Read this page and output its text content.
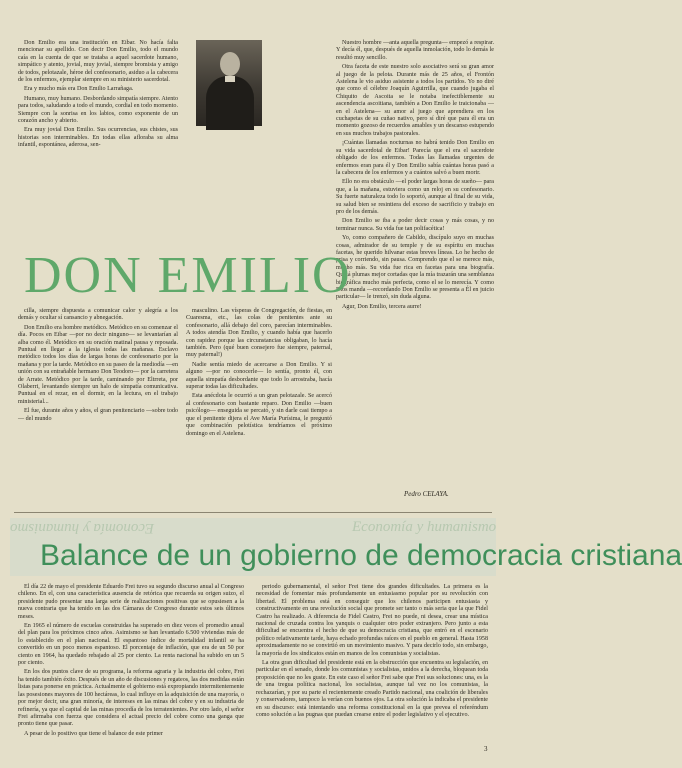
Don Emilio era una institución en Eibar. No hacía falta mencionar su apellido. Con decir Don Emilio, todo el mundo caía en la cuenta de que se trataba a aquel sacerdote humano, simpático y atento, jovial, muy jovial, siempre bromista y amigo de todos, pelotazale, héroe del confesonario, asiduo a la cabecera de los enfermos, ejemplar siempre en su ministerio sacerdotal.

Era y mucho más era Don Emilio Larrañaga.

Humano, muy humano. Desbordando simpatía siempre. Atento para todos, saludando a todo el mundo, cordial en todo momento. Siempre con la sonrisa en los labios, como exponente de un corazón ancho y abierto.

Era muy jovial Don Emilio. Sus ocurrencias, sus chistes, sus historias son interminables. En todas ellas afloraba su alma infantil, espontánea, aderosa, sen-

Nuestro hombre —anta aquella pregunta— empezó a respirar. Y decía él, que, después de aquella inmolación, todo lo demás le resultó muy sencillo.

Otra faceta de este nuestro solo asociativo será su gran amor al juego de la pelota. Durante más de 25 años, el Frontón Astelena le vio asiduo asistente a todos los partidos. Yo no diré que como el célebre Joaquín Aguirrilla, que cuando jugaba el Chiquito de Ascoita se le notaba inefectiblemente su ascendencia ascoitiana, también a Don Emilio le traicionaba —en el Astelena— su amor al juego que aprendiera en los cuchapetas de su cuñao nativo, pero sí diré que para él era un momento gozoso de recuerdos amables y un descanso estupendo en sus muchos trabajos pastorales.

¡Cuántas llamadas nocturnas no habrá tenido Don Emilio en su vida sacerdotal de Eibar! Parecía que el era el sacerdote obligado de los enfermos. Todas las llamadas urgentes de enfermos eran para él y Don Emilio sabía cuántas horas pasó a la cabecera de los enfermos y a cuántos salvó a buen morir.

Ello no era obstáculo —el poder largas horas de sueño— para que, a la mañana, estuviera como un reloj en su confesonario. Su fuerte naturaleza todo lo soportó, aunque al final de su vida, su salud bien se resintiera del exceso de sacrificio y trabajo en pro de los demás.

Don Emilio se iba a poder decir cosas y más cosas, y no terminar nunca. Su vida fue tan polifacética!

Yo, como compañero de Cabildo, discípulo suyo en muchas cosas, admirador de su temple y de su espíritu en muchas facetas, he querido hilvanar estas breves líneas. Lo he hecho de prisa y corriendo, sin pausa. Comprendo que el se merece más, mucho más. Su vida fue rica en facetas para una biografía. Quizá plumas mejor cortadas que la mía trazarán una semblanza biográfica mucho más perfecta, como el se lo merecía. Y como Dios manda —recordando Don Emilio se presenta a Él en juicio particular— le trenzó, sin duda alguna.

Agur, Don Emilio, tercera aurre!

DON EMILIO

cilla, siempre dispuesta a comunicar calor y alegría a los demás y ocultar sí cansancio y abnegación.

Don Emilio era hombre metódico. Metódico en su comenzar el día. Pocos en Eibar —por no decir ninguno— se levantarían al alba como él. Metódico en su oración matinal pausa y reposada. Puntual en llegar a la iglesia todas las mañanas. Esclavo metódico todos los días de largas horas de confesonario por la mañana y por la tarde. Metódico en su paseo de la mediodía —en unión con su entrañable hermano Don Teodoro— por la carretera de Arrate. Metódico por la tarde, caminando por Eltrreta, por Olaberri, levantando siempre un halo de simpatía comunicativa. Puntual en el rezar, en el dormir, en la lectura, en el trabajo ministerial...

El fue, durante años y años, el gran penitenciario —sobre todo— del mundo

masculino. Las vísperas de Congregación, de fiestas, en Cuaresma, etc., las colas de penitentes ante su confesonario, allá debajo del coro, parecían interminables. A todos atendía Don Emilio, y cuando había que hacerlo con rapidez porque las circunstancias obligaban, lo hacía también. Pero (qué buen consejero fue siempre, paternal, muy paternal!)

Nadie sentía miedo de acercarse a Don Emilio. Y si alguno —por no conocerle— lo sentía, pronto él, con aquella simpatía desbordante que todo lo arrostraba, hacía superar todas las dificultades.

Esta anécdota le ocurrió a un gran pelotazale. Se acercó al confesonario con bastante reparo. Don Emilio —buen psicólogo— enseguida se percató, y sin darle casi tiempo a que el penitente dijera el Ave María Purísima, le preguntó que combinación pelotística tendríamos el próximo domingo en el Astelena.

Pedro CELAYA.
Economía y humanismo	Economía y humanismo
Balance de un gobierno de democracia cristiana

El día 22 de mayo el presidente Eduardo Frei tuvo su segundo discurso anual al Congreso chileno. En el, con una característica ausencia de retórica que recuerda su origen suizo, el presidente pudo presentar una larga serie de realizaciones positivas que se opusiesen a la nueva contraria que ha tenido en las dos Cámaras de Congreso durante estos seis últimos meses.

En 1965 el número de escuelas construidas ha superado en diez veces el promedio anual del plan para los próximos cinco años. Asimismo se han levantado 6.500 viviendas más de lo establecido en el plan nacional. El espantoso índice de mortalidad infantil se ha convertido en un poco menos espantoso. El porcentaje de inflación, que era de un 50 por ciento en 1964, ha quedado rebajado al 25 por ciento. La renta nacional ha subido en un 5 por ciento.

En los dos puntos clave de su programa, la reforma agraria y la industria del cobre, Frei ha tenido también éxito. Después de un año de discusiones y regateos, las dos medidas están listas para ponerse en práctica. Actualmente el gobierno está expropiando intermitentemente las posesiones mayores de 100 hectáreas, lo cual influye en la adquisición de una mayoría, o por mejor decir, una gran minoría, de intereses en las minas del cobre y en su industria de refinería, ya que el capital de las minas procedía de los terratenientes. Por otro lado, el señor Frei afirmaba con fuerza que considera el actual precio del cobre como una ganga que pronto tiene que pasar.

A pesar de lo positivo que tiene el balance de este primer

periodo gubernamental, el señor Frei tiene dos grandes dificultades. La primera es la necesidad de fomentar más profundamente un entusiasmo popular por su revolución con libertad. El problema está en conseguir que los chilenos participen entusiasta y constructivamente en una revolución social que promete ser tanto o más seria que la que Fidel Castro ha realizado. A diferencia de Fidel Castro, Frei no puede, ni desea, crear una mística nacional de cruzada contra los yanquis o cualquier otro poder extranjero. Pero junto a esta dificultad se encuentra el hecho de que su democracia cristiana, que entró en el escenario político relativamente tarde, haya echado profundas raíces en el pueblo en general. Hasta 1958 aproximadamente no se convirtió en un movimiento masivo. Y para decirlo todo, sin embargo, la mayoría de los sindicatos están en manos de los comunistas y socialistas.

La otra gran dificultad del presidente está en la obstrucción que encuentra su legislación, en particular en el senado, donde los comunistas y socialistas, unidos a la derecha, bloquean toda proposición que no les guste. En este caso el señor Frei sabe que Frei sus soluciones: una, es la de una tregua política nacional, los socialistas, aunque tal vez no los comunistas, la rechazarían, y por su parte el recientemente creado Partido nacional, una coalición de liberales y conservadores, tampoco la verían con buenos ojos. La otra solución la indicaba el presidente en su discurso: está intentando una reforma constitucional en la que prevea el referéndum como solución a las pugnas que puedan crearse entre el poder legislativo y el ejecutivo.

3
